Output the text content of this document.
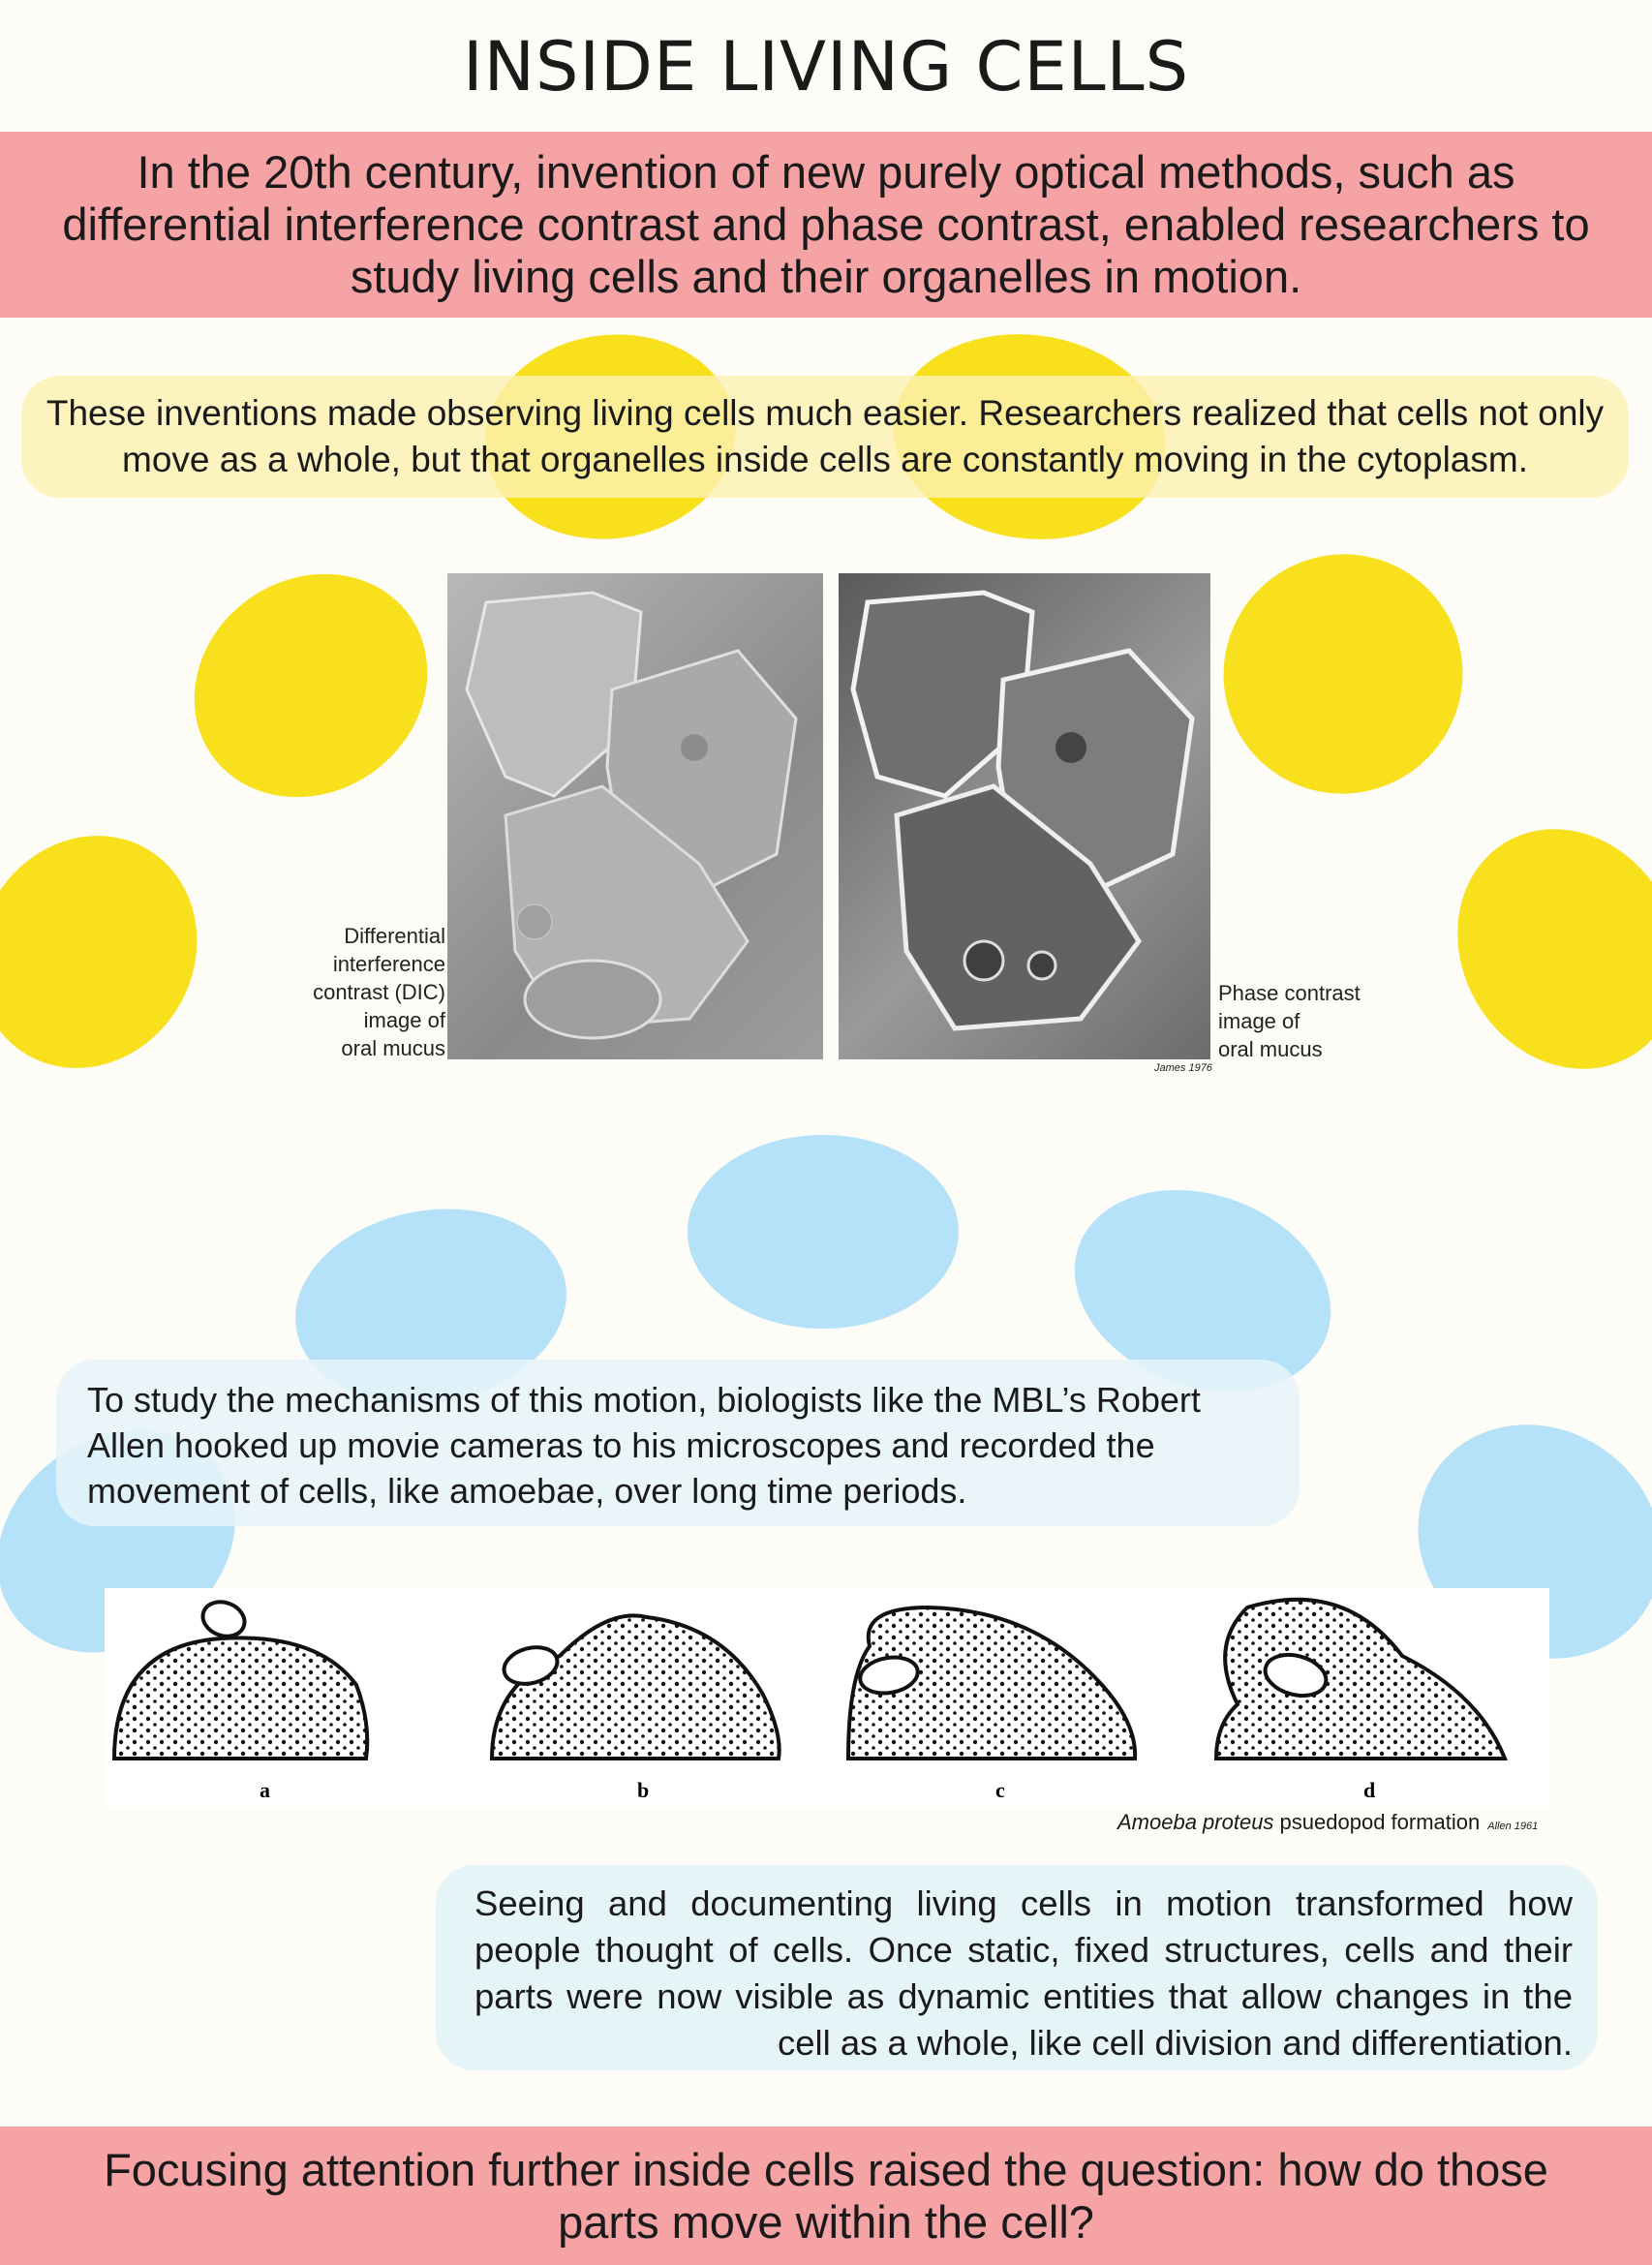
INSIDE LIVING CELLS
In the 20th century, invention of new purely optical methods, such as differential interference contrast and phase contrast, enabled researchers to study living cells and their organelles in motion.
These inventions made observing living cells much easier. Researchers realized that cells not only move as a whole, but that organelles inside cells are constantly moving in the cytoplasm.
Differential
interference
contrast (DIC)
image of
oral mucus
Phase contrast
image of
oral mucus
James 1976
To study the mechanisms of this motion, biologists like the MBL’s Robert Allen hooked up movie cameras to his microscopes and recorded the movement of cells, like amoebae, over long time periods.
a	b	c	d
Amoeba proteus psuedopod formation Allen 1961
Seeing and documenting living cells in motion transformed how people thought of cells. Once static, fixed structures, cells and their parts were now visible as dynamic entities that allow changes in the cell as a whole, like cell division and differentiation.
Focusing attention further inside cells raised the question: how do those parts move within the cell?
